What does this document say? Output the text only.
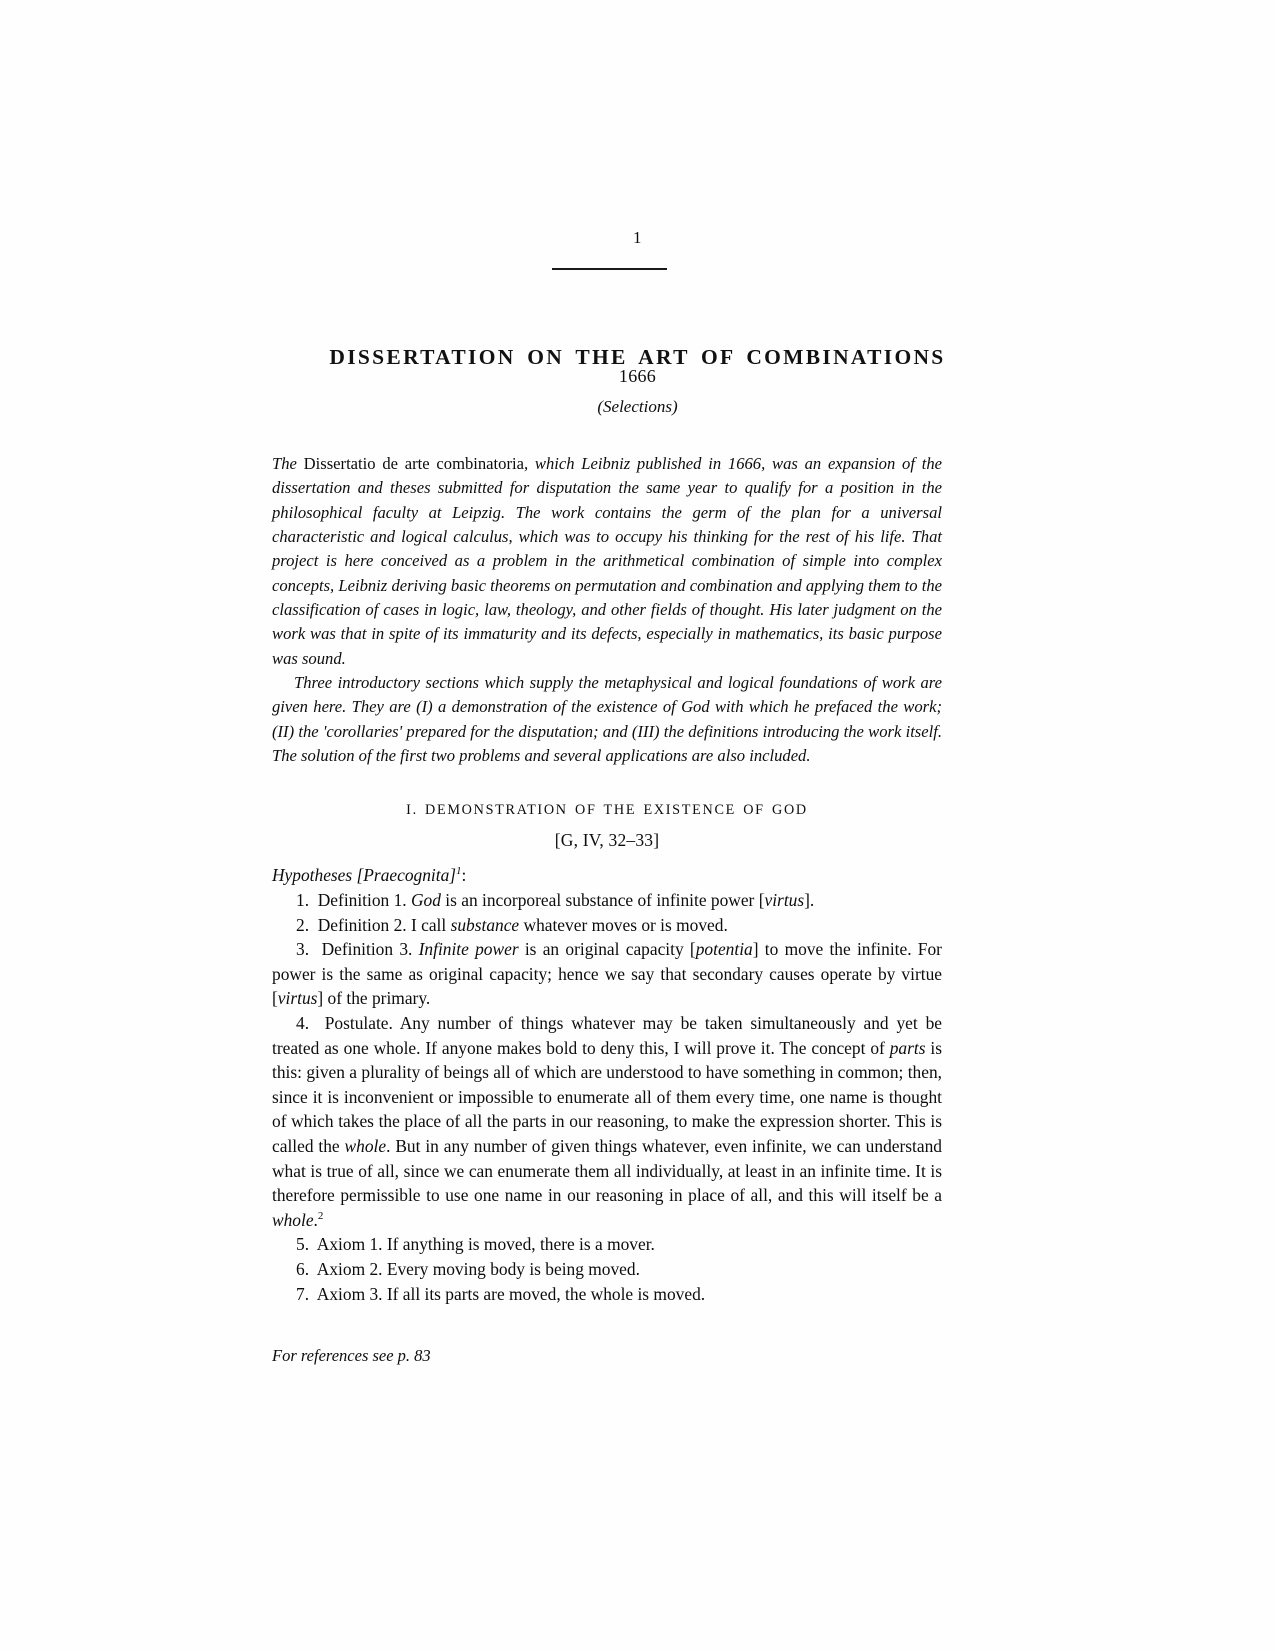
1
DISSERTATION ON THE ART OF COMBINATIONS
1666
(Selections)

The Dissertatio de arte combinatoria, which Leibniz published in 1666, was an expansion of the dissertation and theses submitted for disputation the same year to qualify for a position in the philosophical faculty at Leipzig. The work contains the germ of the plan for a universal characteristic and logical calculus, which was to occupy his thinking for the rest of his life. That project is here conceived as a problem in the arithmetical combination of simple into complex concepts, Leibniz deriving basic theorems on permutation and combination and applying them to the classification of cases in logic, law, theology, and other fields of thought. His later judgment on the work was that in spite of its immaturity and its defects, especially in mathematics, its basic purpose was sound.

Three introductory sections which supply the metaphysical and logical foundations of work are given here. They are (I) a demonstration of the existence of God with which he prefaced the work; (II) the 'corollaries' prepared for the disputation; and (III) the definitions introducing the work itself. The solution of the first two problems and several applications are also included.

I. DEMONSTRATION OF THE EXISTENCE OF GOD
[G, IV, 32–33]

Hypotheses [Praecognita]$^1$:

1. Definition 1. God is an incorporeal substance of infinite power [virtus].

2. Definition 2. I call substance whatever moves or is moved.

3. Definition 3. Infinite power is an original capacity [potentia] to move the infinite. For power is the same as original capacity; hence we say that secondary causes operate by virtue [virtus] of the primary.

4. Postulate. Any number of things whatever may be taken simultaneously and yet be treated as one whole. If anyone makes bold to deny this, I will prove it. The concept of parts is this: given a plurality of beings all of which are understood to have something in common; then, since it is inconvenient or impossible to enumerate all of them every time, one name is thought of which takes the place of all the parts in our reasoning, to make the expression shorter. This is called the whole. But in any number of given things whatever, even infinite, we can understand what is true of all, since we can enumerate them all individually, at least in an infinite time. It is therefore permissible to use one name in our reasoning in place of all, and this will itself be a whole.$^2$

5. Axiom 1. If anything is moved, there is a mover.

6. Axiom 2. Every moving body is being moved.

7. Axiom 3. If all its parts are moved, the whole is moved.

For references see p. 83
